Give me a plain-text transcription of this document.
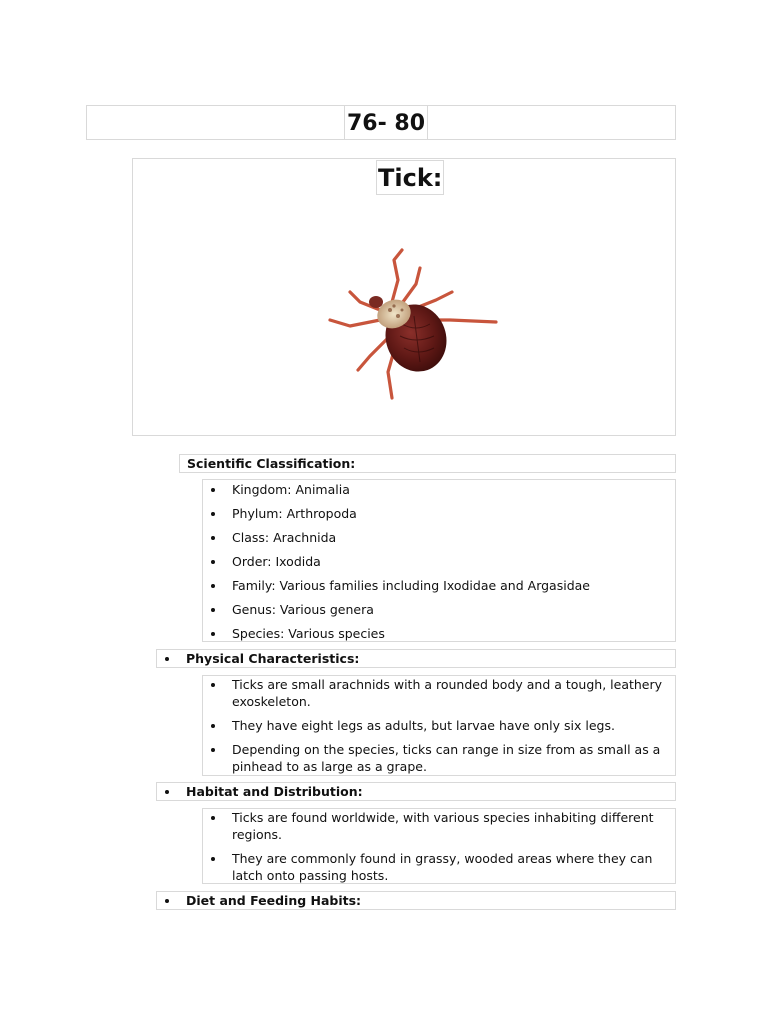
76- 80
Tick:
Scientific Classification:
Kingdom: Animalia
Phylum: Arthropoda
Class: Arachnida
Order: Ixodida
Family: Various families including Ixodidae and Argasidae
Genus: Various genera
Species: Various species
Physical Characteristics:
Ticks are small arachnids with a rounded body and a tough, leathery exoskeleton.
They have eight legs as adults, but larvae have only six legs.
Depending on the species, ticks can range in size from as small as a pinhead to as large as a grape.
Habitat and Distribution:
Ticks are found worldwide, with various species inhabiting different regions.
They are commonly found in grassy, wooded areas where they can latch onto passing hosts.
Diet and Feeding Habits:
